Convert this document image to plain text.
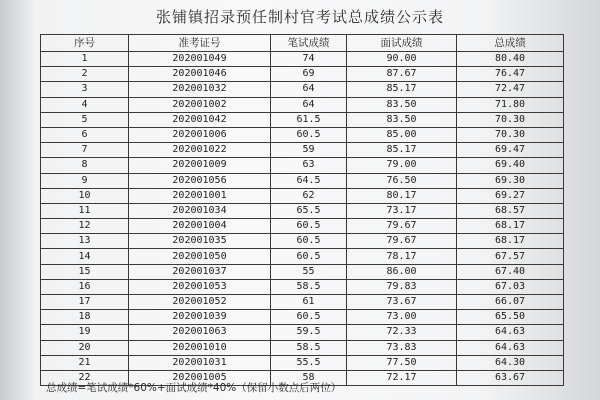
张铺镇招录预任制村官考试总成绩公示表
序号	准考证号	笔试成绩	面试成绩	总成绩
1	202001049	74	90.00	80.40
2	202001046	69	87.67	76.47
3	202001032	64	85.17	72.47
4	202001002	64	83.50	71.80
5	202001042	61.5	83.50	70.30
6	202001006	60.5	85.00	70.30
7	202001022	59	85.17	69.47
8	202001009	63	79.00	69.40
9	202001056	64.5	76.50	69.30
10	202001001	62	80.17	69.27
11	202001034	65.5	73.17	68.57
12	202001004	60.5	79.67	68.17
13	202001035	60.5	79.67	68.17
14	202001050	60.5	78.17	67.57
15	202001037	55	86.00	67.40
16	202001053	58.5	79.83	67.03
17	202001052	61	73.67	66.07
18	202001039	60.5	73.00	65.50
19	202001063	59.5	72.33	64.63
20	202001010	58.5	73.83	64.63
21	202001031	55.5	77.50	64.30
22	202001005	58	72.17	63.67
总成绩=笔试成绩*60%+面试成绩*40%（保留小数点后两位）
